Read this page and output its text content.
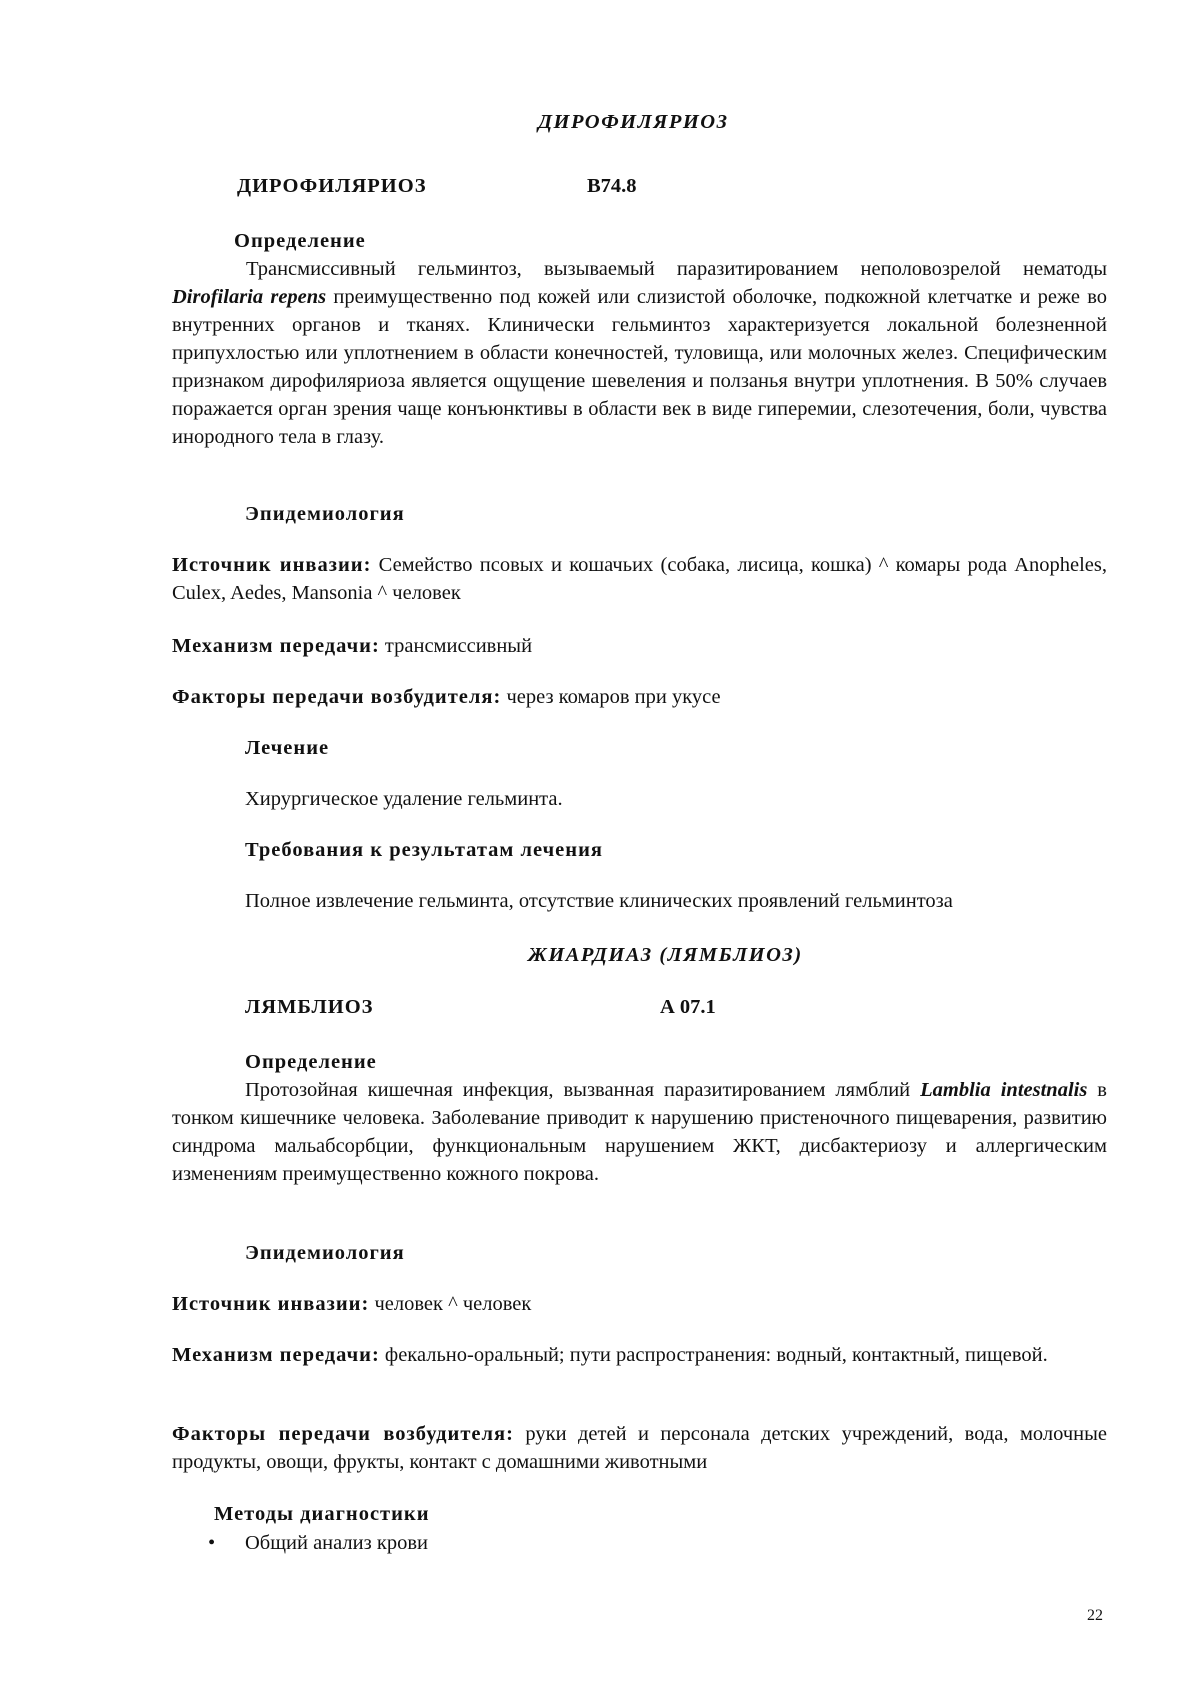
ДИРОФИЛЯРИОЗ
ДИРОФИЛЯРИОЗ	В74.8
Определение

Трансмиссивный гельминтоз, вызываемый паразитированием неполовозрелой нематоды Dirofilaria repens преимущественно под кожей или слизистой оболочке, подкожной клетчатке и реже во внутренних органов и тканях. Клинически гельминтоз характеризуется локальной болезненной припухлостью или уплотнением в области конечностей, туловища, или молочных желез. Специфическим признаком дирофиляриоза является ощущение шевеления и ползанья внутри уплотнения. В 50% случаев поражается орган зрения чаще конъюнктивы в области век в виде гиперемии, слезотечения, боли, чувства инородного тела в глазу.

Эпидемиология

Источник инвазии: Семейство псовых и кошачьих (собака, лисица, кошка) ^ комары рода Anopheles, Culex, Aedes, Mansonia ^ человек

Механизм передачи: трансмиссивный

Факторы передачи возбудителя: через комаров при укусе

Лечение
Хирургическое удаление гельминта.
Требования к результатам лечения
Полное извлечение гельминта, отсутствие клинических проявлений гельминтоза
ЖИАРДИАЗ (ЛЯМБЛИОЗ)
ЛЯМБЛИОЗ	А 07.1
Определение

Протозойная кишечная инфекция, вызванная паразитированием лямблий Lamblia intestnalis в тонком кишечнике человека. Заболевание приводит к нарушению пристеночного пищеварения, развитию синдрома мальабсорбции, функциональным нарушением ЖКТ, дисбактериозу и аллергическим изменениям преимущественно кожного покрова.

Эпидемиология

Источник инвазии: человек ^ человек

Механизм передачи: фекально-оральный; пути распространения: водный, контактный, пищевой.

Факторы передачи возбудителя: руки детей и персонала детских учреждений, вода, молочные продукты, овощи, фрукты, контакт с домашними животными

Методы диагностики
• Общий анализ крови
22
